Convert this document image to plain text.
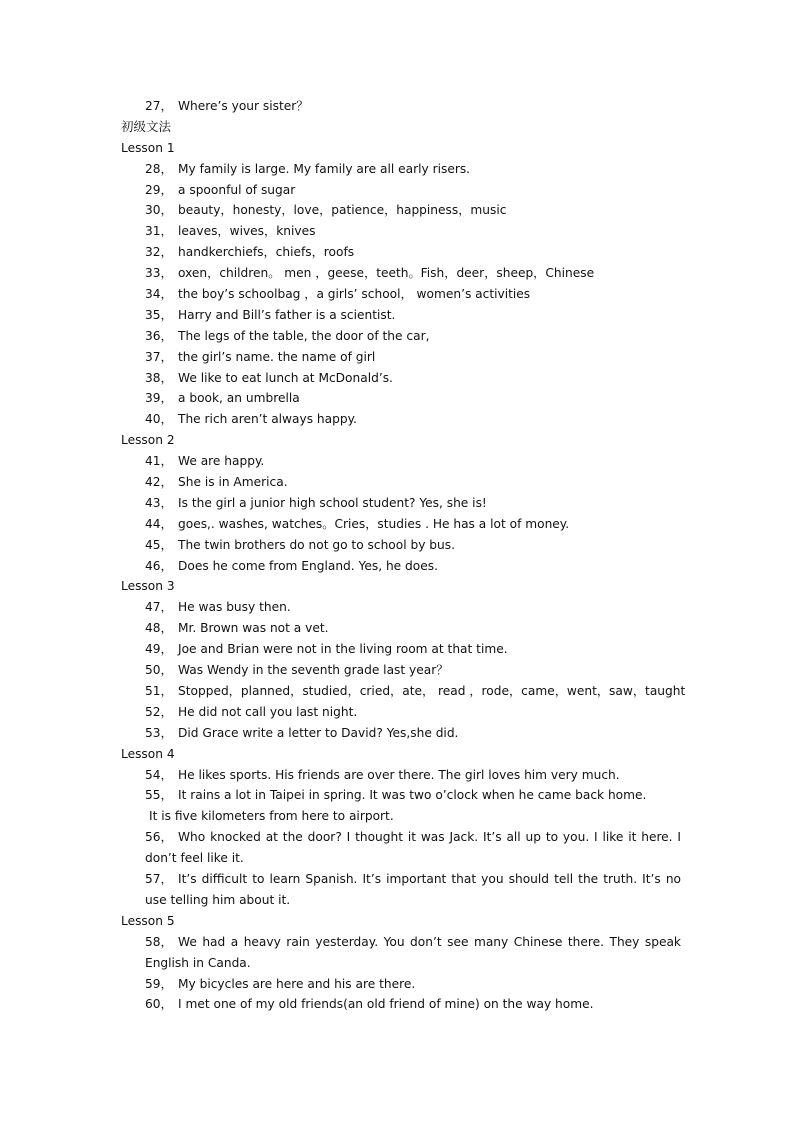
27， Where’s your sister？
初级文法
Lesson 1
28， My family is large. My family are all early risers.
29， a spoonful of sugar
30， beauty，honesty，love，patience，happiness，music
31， leaves，wives，knives
32， handkerchiefs，chiefs，roofs
33， oxen，children。 men ，geese，teeth。Fish，deer，sheep，Chinese
34， the boy’s schoolbag ，a girls’ school， women’s activities
35， Harry and Bill’s father is a scientist.
36， The legs of the table, the door of the car,
37， the girl’s name. the name of girl
38， We like to eat lunch at McDonald’s.
39， a book, an umbrella
40， The rich aren’t always happy.
Lesson 2
41， We are happy.
42， She is in America.
43， Is the girl a junior high school student? Yes, she is!
44， goes,. washes, watches。Cries，studies . He has a lot of money.
45， The twin brothers do not go to school by bus.
46， Does he come from England. Yes, he does.
Lesson 3
47， He was busy then.
48， Mr. Brown was not a vet.
49， Joe and Brian were not in the living room at that time.
50， Was Wendy in the seventh grade last year？
51， Stopped，planned，studied，cried，ate， read ，rode，came，went，saw，taught
52， He did not call you last night.
53， Did Grace write a letter to David? Yes,she did.
Lesson 4
54， He likes sports. His friends are over there. The girl loves him very much.
55， It rains a lot in Taipei in spring. It was two o’clock when he came back home.
It is five kilometers from here to airport.
56， Who knocked at the door? I thought it was Jack. It’s all up to you. I like it here. I don’t feel like it.
57， It’s difficult to learn Spanish. It’s important that you should tell the truth. It’s no use telling him about it.
Lesson 5
58， We had a heavy rain yesterday. You don’t see many Chinese there. They speak English in Canda.
59， My bicycles are here and his are there.
60， I met one of my old friends(an old friend of mine) on the way home.
